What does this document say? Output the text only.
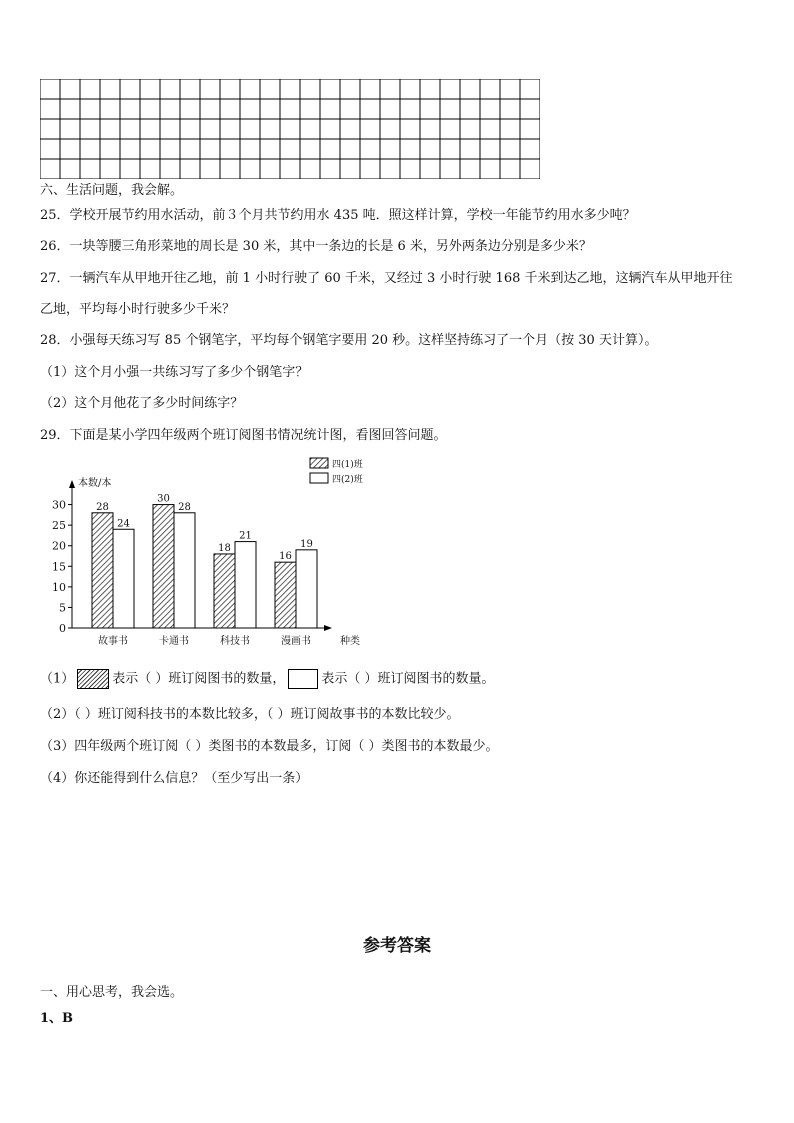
六、生活问题，我会解。
25．学校开展节约用水活动，前３个月共节约用水 435 吨．照这样计算，学校一年能节约用水多少吨？
26．一块等腰三角形菜地的周长是 30 米，其中一条边的长是 6 米，另外两条边分别是多少米？
27．一辆汽车从甲地开往乙地，前 1 小时行驶了 60 千米，又经过 3 小时行驶 168 千米到达乙地，这辆汽车从甲地开往
乙地，平均每小时行驶多少千米？
28．小强每天练习写 85 个钢笔字，平均每个钢笔字要用 20 秒。这样坚持练习了一个月（按 30 天计算）。
（1）这个月小强一共练习写了多少个钢笔字？
（2）这个月他花了多少时间练字？
29．下面是某小学四年级两个班订阅图书情况统计图，看图回答问题。
四(1)班
四(2)班
本数/本
种类
0
5
10
15
20
25
30
故事书	卡通书	科技书	漫画书
28
24
30
28
18
21
16
19
（1）	表示（ ）班订阅图书的数量，	表示（ ）班订阅图书的数量。
（2）（ ）班订阅科技书的本数比较多，（ ）班订阅故事书的本数比较少。
（3）四年级两个班订阅（ ）类图书的本数最多，订阅（ ）类图书的本数最少。
（4）你还能得到什么信息？（至少写出一条）
参考答案
一、用心思考，我会选。
1、B
